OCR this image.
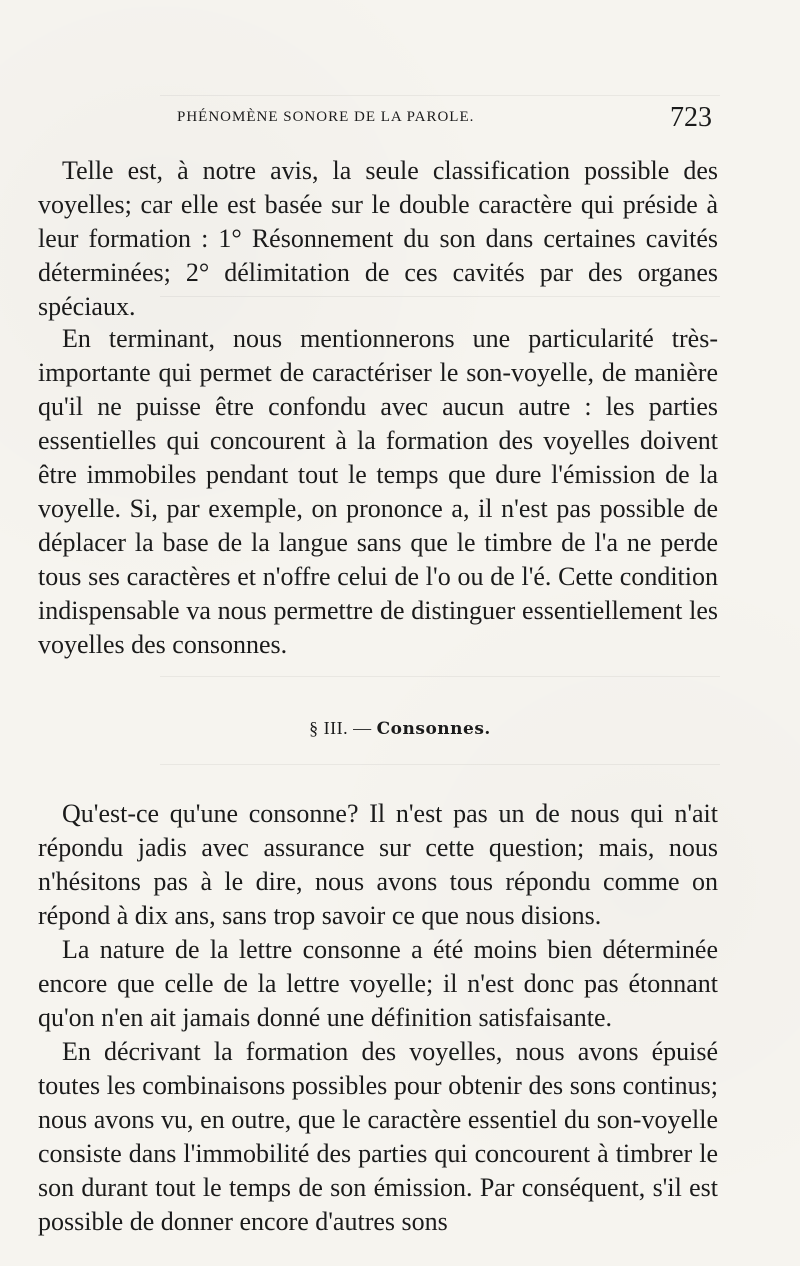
PHÉNOMÈNE SONORE DE LA PAROLE.	723

Telle est, à notre avis, la seule classification possible des voyelles; car elle est basée sur le double caractère qui préside à leur formation : 1° Résonnement du son dans certaines cavités déterminées; 2° délimitation de ces cavités par des organes spéciaux.

En terminant, nous mentionnerons une particularité très-importante qui permet de caractériser le son-voyelle, de manière qu'il ne puisse être confondu avec aucun autre : les parties essentielles qui concourent à la formation des voyelles doivent être immobiles pendant tout le temps que dure l'émission de la voyelle. Si, par exemple, on prononce a, il n'est pas possible de déplacer la base de la langue sans que le timbre de l'a ne perde tous ses caractères et n'offre celui de l'o ou de l'é. Cette condition indispensable va nous permettre de distinguer essentiellement les voyelles des consonnes.

§ III. — Consonnes.

Qu'est-ce qu'une consonne? Il n'est pas un de nous qui n'ait répondu jadis avec assurance sur cette question; mais, nous n'hésitons pas à le dire, nous avons tous répondu comme on répond à dix ans, sans trop savoir ce que nous disions.

La nature de la lettre consonne a été moins bien déterminée encore que celle de la lettre voyelle; il n'est donc pas étonnant qu'on n'en ait jamais donné une définition satisfaisante.

En décrivant la formation des voyelles, nous avons épuisé toutes les combinaisons possibles pour obtenir des sons continus; nous avons vu, en outre, que le caractère essentiel du son-voyelle consiste dans l'immobilité des parties qui concourent à timbrer le son durant tout le temps de son émission. Par conséquent, s'il est possible de donner encore d'autres sons
